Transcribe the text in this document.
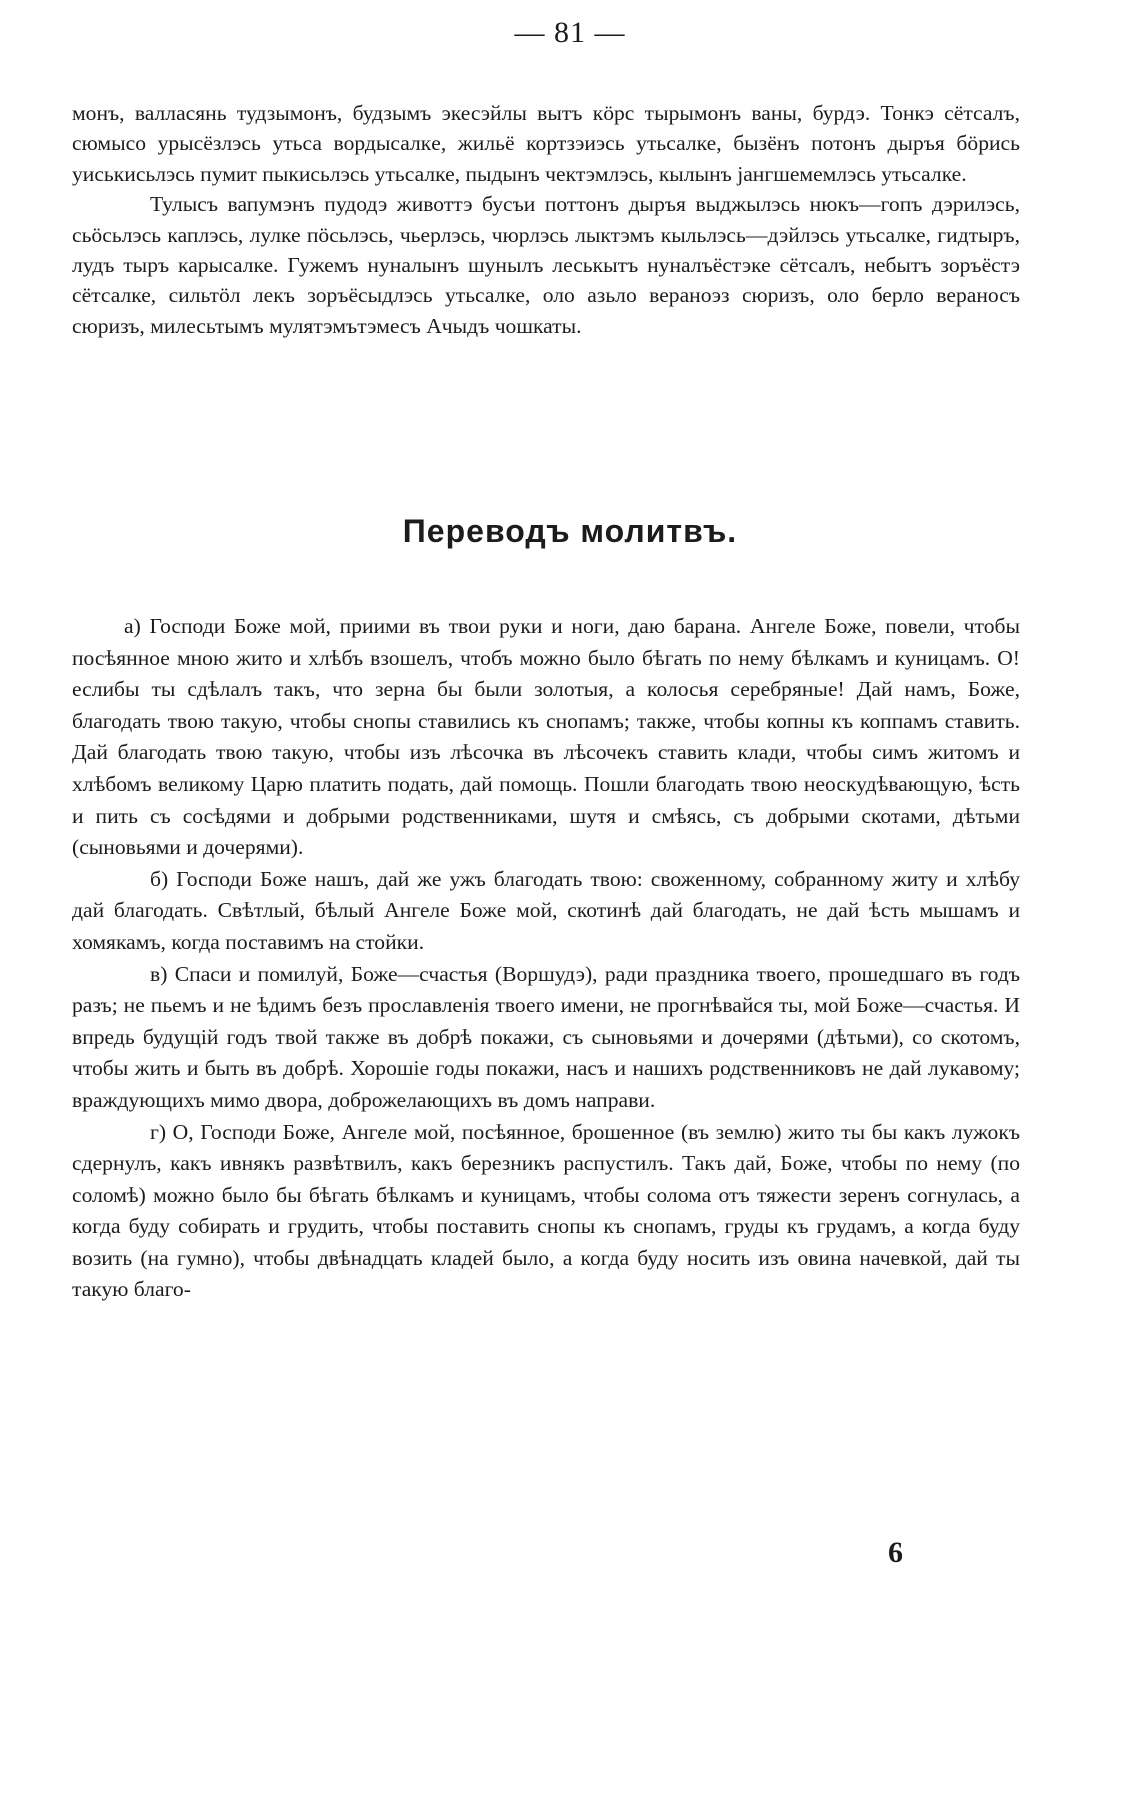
— 81 —

монъ, валласянь тудзымонъ, будзымъ экесэйлы вытъ кöрс тырымонъ ваны, бурдэ. Тонкэ сётсалъ, сюмысо урысёзлэсь утьса вордысалкe, жильё кортзэиэсь утьсалке, бызёнъ потонъ дыръя бöрись уиськисьлэсь пумит пыкисьлэсь утьсалке, пыдынъ чектэмлэсь, кылынъ јангшемемлэсь утьсалке.

Тулысъ вапумэнъ пудодэ животтэ бусъи поттонъ дыръя выджылэсь нюкъ—гопъ дэрилэсь, сьöсьлэсь каплэсь, лулке пöсьлэсь, чьерлэсь, чюрлэсь лыктэмъ кыльлэсь—дэйлэсь утьсалке, гидтыръ, лудъ тыръ карысалке. Гужемъ нуналынъ шунылъ леськытъ нуналъёстэке сётсалъ, небытъ зоръёстэ сётсалке, сильтöл лекъ зоръёсыдлэсь утьсалке, оло азьло вераноэз сюризъ, оло берло вераносъ сюризъ, милесьтымъ мулятэмътэмесъ Ачыдъ чошкаты.

Переводъ молитвъ.

а) Господи Боже мой, приими въ твои руки и ноги, даю барана. Ангеле Боже, повели, чтобы посѣянное мною жито и хлѣбъ взошелъ, чтобъ можно было бѣгать по нему бѣлкамъ и куницамъ. О! еслибы ты сдѣлалъ такъ, что зерна бы были золотыя, а колосья серебряные! Дай намъ, Боже, благодать твою такую, чтобы снопы ставились къ снопамъ; также, чтобы копны къ коппамъ ставить. Дай благодать твою такую, чтобы изъ лѣсочка въ лѣсочекъ ставить клади, чтобы симъ житомъ и хлѣбомъ великому Царю платить подать, дай помощь. Пошли благодать твою неоскудѣвающую, ѣсть и пить съ сосѣдями и добрыми родственниками, шутя и смѣясь, съ добрыми скотами, дѣтьми (сыновьями и дочерями).

б) Господи Боже нашъ, дай же ужъ благодать твою: своженному, собранному житу и хлѣбу дай благодать. Свѣтлый, бѣлый Ангеле Боже мой, скотинѣ дай благодать, не дай ѣсть мышамъ и хомякамъ, когда поставимъ на стойки.

в) Спаси и помилуй, Боже—счастья (Воршудэ), ради праздника твоего, прошедшаго въ годъ разъ; не пьемъ и не ѣдимъ безъ прославленія твоего имени, не прогнѣвайся ты, мой Боже—счастья. И впредь будущій годъ твой также въ добрѣ покажи, съ сыновьями и дочерями (дѣтьми), со скотомъ, чтобы жить и быть въ добрѣ. Хорошіе годы покажи, насъ и нашихъ родственниковъ не дай лукавому; враждующихъ мимо двора, доброжелающихъ въ домъ направи.

г) О, Господи Боже, Ангеле мой, посѣянное, брошенное (въ землю) жито ты бы какъ лужокъ сдернулъ, какъ ивнякъ развѣтвилъ, какъ березникъ распустилъ. Такъ дай, Боже, чтобы по нему (по соломѣ) можно было бы бѣгать бѣлкамъ и куницамъ, чтобы солома отъ тяжести зеренъ согнулась, а когда буду собирать и грудить, чтобы поставить снопы къ снопамъ, груды къ грудамъ, а когда буду возить (на гумно), чтобы двѣнадцать кладей было, а когда буду носить изъ овина начевкой, дай ты такую благо-

6
